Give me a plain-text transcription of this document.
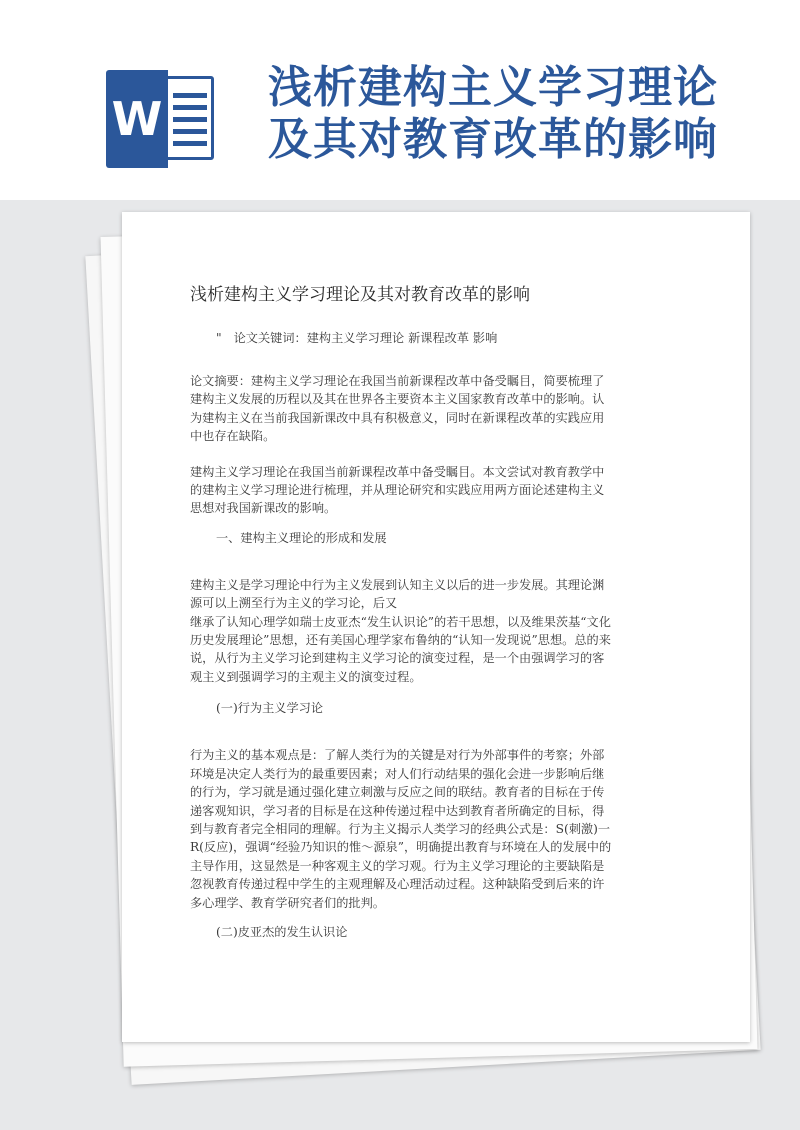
W
浅析建构主义学习理论
及其对教育改革的影响
浅析建构主义学习理论及其对教育改革的影响
" 论文关键词：建构主义学习理论 新课程改革 影响

论文摘要：建构主义学习理论在我国当前新课程改革中备受瞩目，简要梳理了
建构主义发展的历程以及其在世界各主要资本主义国家教育改革中的影响。认
为建构主义在当前我国新课改中具有积极意义，同时在新课程改革的实践应用
中也存在缺陷。

建构主义学习理论在我国当前新课程改革中备受瞩目。本文尝试对教育教学中
的建构主义学习理论进行梳理，并从理论研究和实践应用两方面论述建构主义
思想对我国新课改的影响。

一、建构主义理论的形成和发展

建构主义是学习理论中行为主义发展到认知主义以后的进一步发展。其理论渊
源可以上溯至行为主义的学习论，后又
继承了认知心理学如瑞士皮亚杰“发生认识论”的若干思想，以及维果茨基“文化
历史发展理论”思想，还有美国心理学家布鲁纳的“认知一发现说”思想。总的来
说，从行为主义学习论到建构主义学习论的演变过程，是一个由强调学习的客
观主义到强调学习的主观主义的演变过程。

(一)行为主义学习论

行为主义的基本观点是：了解人类行为的关键是对行为外部事件的考察；外部
环境是决定人类行为的最重要因素；对人们行动结果的强化会进一步影响后继
的行为，学习就是通过强化建立刺激与反应之间的联结。教育者的目标在于传
递客观知识，学习者的目标是在这种传递过程中达到教育者所确定的目标，得
到与教育者完全相同的理解。行为主义揭示人类学习的经典公式是：S(刺激)一
R(反应)，强调“经验乃知识的惟～源泉”，明确提出教育与环境在人的发展中的
主导作用，这显然是一种客观主义的学习观。行为主义学习理论的主要缺陷是
忽视教育传递过程中学生的主观理解及心理活动过程。这种缺陷受到后来的许
多心理学、教育学研究者们的批判。

(二)皮亚杰的发生认识论
